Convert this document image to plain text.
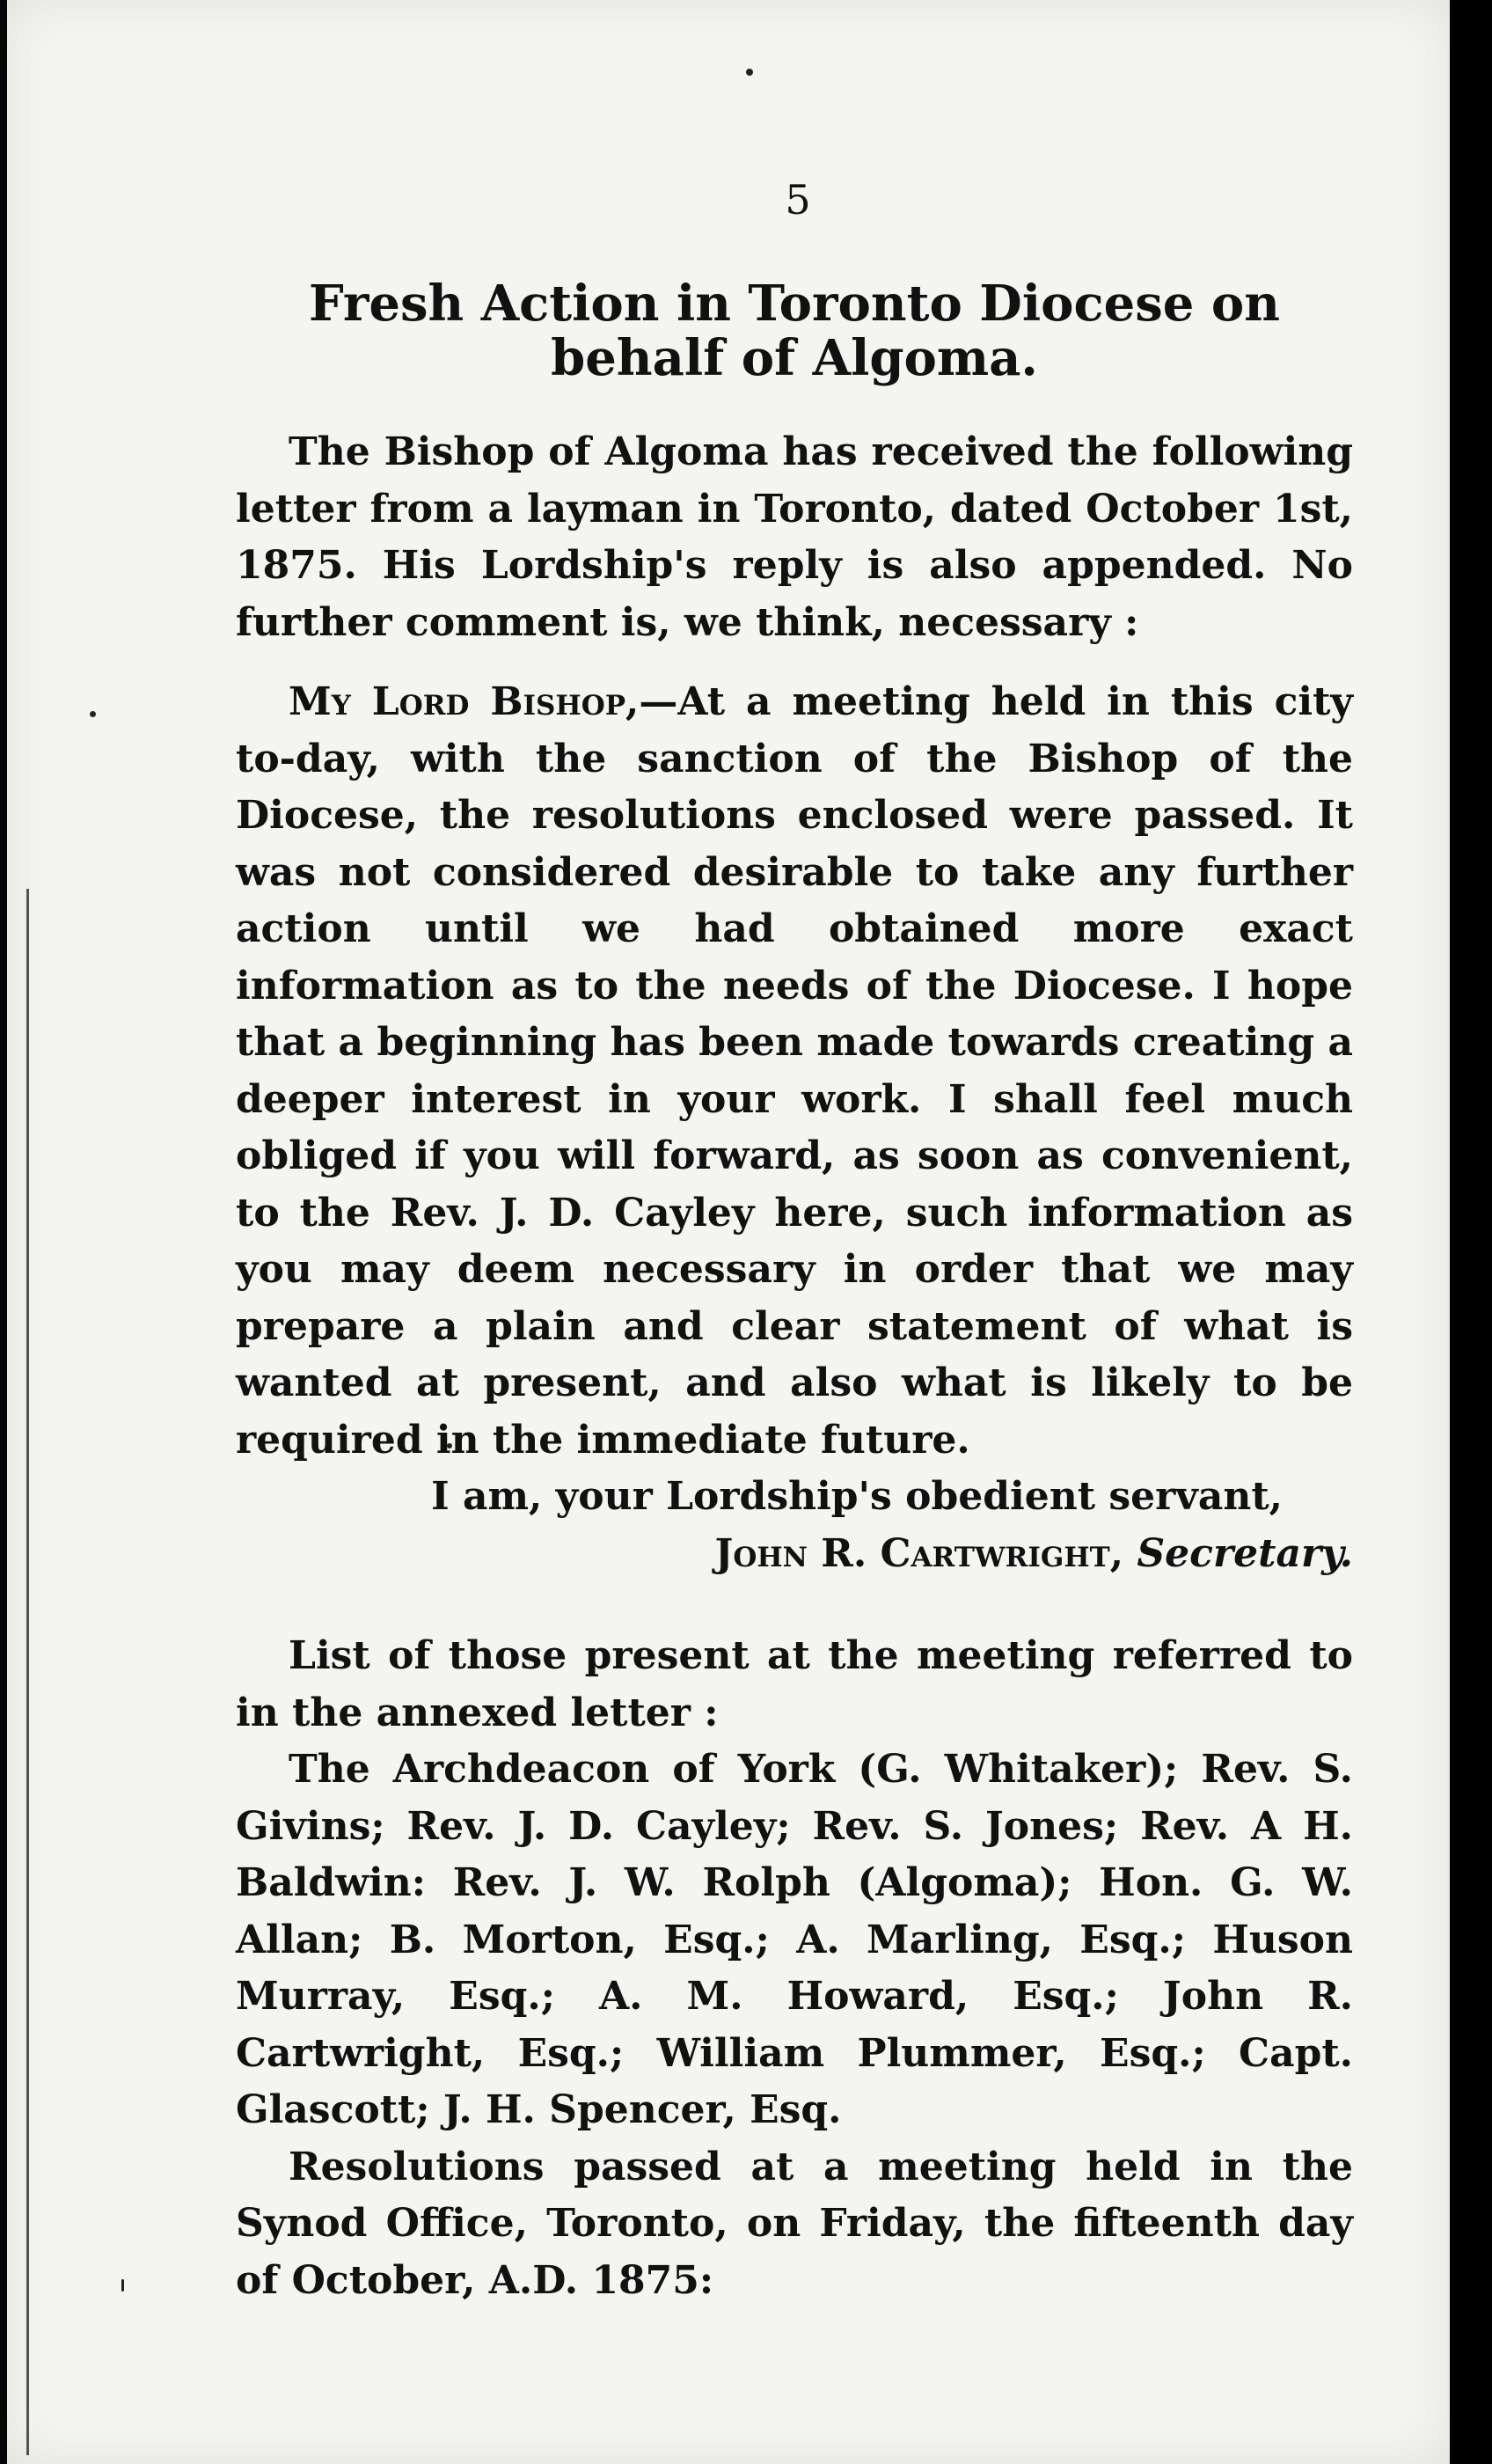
5
Fresh Action in Toronto Diocese on behalf of Algoma.

The Bishop of Algoma has received the following letter from a layman in Toronto, dated October 1st, 1875. His Lordship's reply is also appended. No further comment is, we think, necessary :

My Lord Bishop,—At a meeting held in this city to-day, with the sanction of the Bishop of the Diocese, the resolutions enclosed were passed. It was not considered desirable to take any further action until we had obtained more exact information as to the needs of the Diocese. I hope that a beginning has been made towards creating a deeper interest in your work. I shall feel much obliged if you will forward, as soon as convenient, to the Rev. J. D. Cayley here, such information as you may deem necessary in order that we may prepare a plain and clear statement of what is wanted at present, and also what is likely to be required in the immediate future.

I am, your Lordship's obedient servant,

John R. Cartwright, Secretary.

List of those present at the meeting referred to in the annexed letter :

The Archdeacon of York (G. Whitaker); Rev. S. Givins; Rev. J. D. Cayley; Rev. S. Jones; Rev. A H. Baldwin: Rev. J. W. Rolph (Algoma); Hon. G. W. Allan; B. Morton, Esq.; A. Marling, Esq.; Huson Murray, Esq.; A. M. Howard, Esq.; John R. Cartwright, Esq.; William Plummer, Esq.; Capt. Glascott; J. H. Spencer, Esq.

Resolutions passed at a meeting held in the Synod Office, Toronto, on Friday, the fifteenth day of October, A.D. 1875:
